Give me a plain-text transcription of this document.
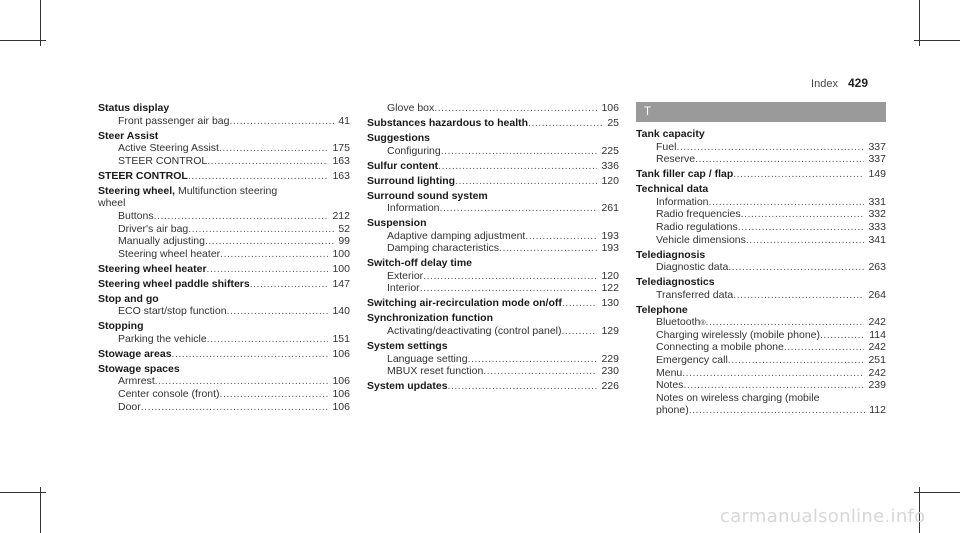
Index 429
Status display
Front passenger air bag .....	41
Steer Assist
Active Steering Assist .....	175
STEER CONTROL .....	163
STEER CONTROL .....	163
Steering wheel, Multifunction steering
wheel
Buttons .....	212
Driver's air bag .....	52
Manually adjusting .....	99
Steering wheel heater .....	100
Steering wheel heater .....	100
Steering wheel paddle shifters .....	147
Stop and go
ECO start/stop function .....	140
Stopping
Parking the vehicle .....	151
Stowage areas .....	106
Stowage spaces
Armrest .....	106
Center console (front) .....	106
Door .....	106
Glove box .....	106
Substances hazardous to health .....	25
Suggestions
Configuring .....	225
Sulfur content .....	336
Surround lighting .....	120
Surround sound system
Information .....	261
Suspension
Adaptive damping adjustment .....	193
Damping characteristics .....	193
Switch-off delay time
Exterior .....	120
Interior .....	122
Switching air-recirculation mode on/off .....	130
Synchronization function
Activating/deactivating (control panel) .....	129
System settings
Language setting .....	229
MBUX reset function .....	230
System updates .....	226
T
Tank capacity
Fuel .....	337
Reserve .....	337
Tank filler cap / flap .....	149
Technical data
Information .....	331
Radio frequencies .....	332
Radio regulations .....	333
Vehicle dimensions .....	341
Telediagnosis
Diagnostic data .....	263
Telediagnostics
Transferred data .....	264
Telephone
Bluetooth ® .....	242
Charging wirelessly (mobile phone) .....	114
Connecting a mobile phone .....	242
Emergency call .....	251
Menu .....	242
Notes .....	239
Notes on wireless charging (mobile
phone) .....	112
carmanualsonline.info
